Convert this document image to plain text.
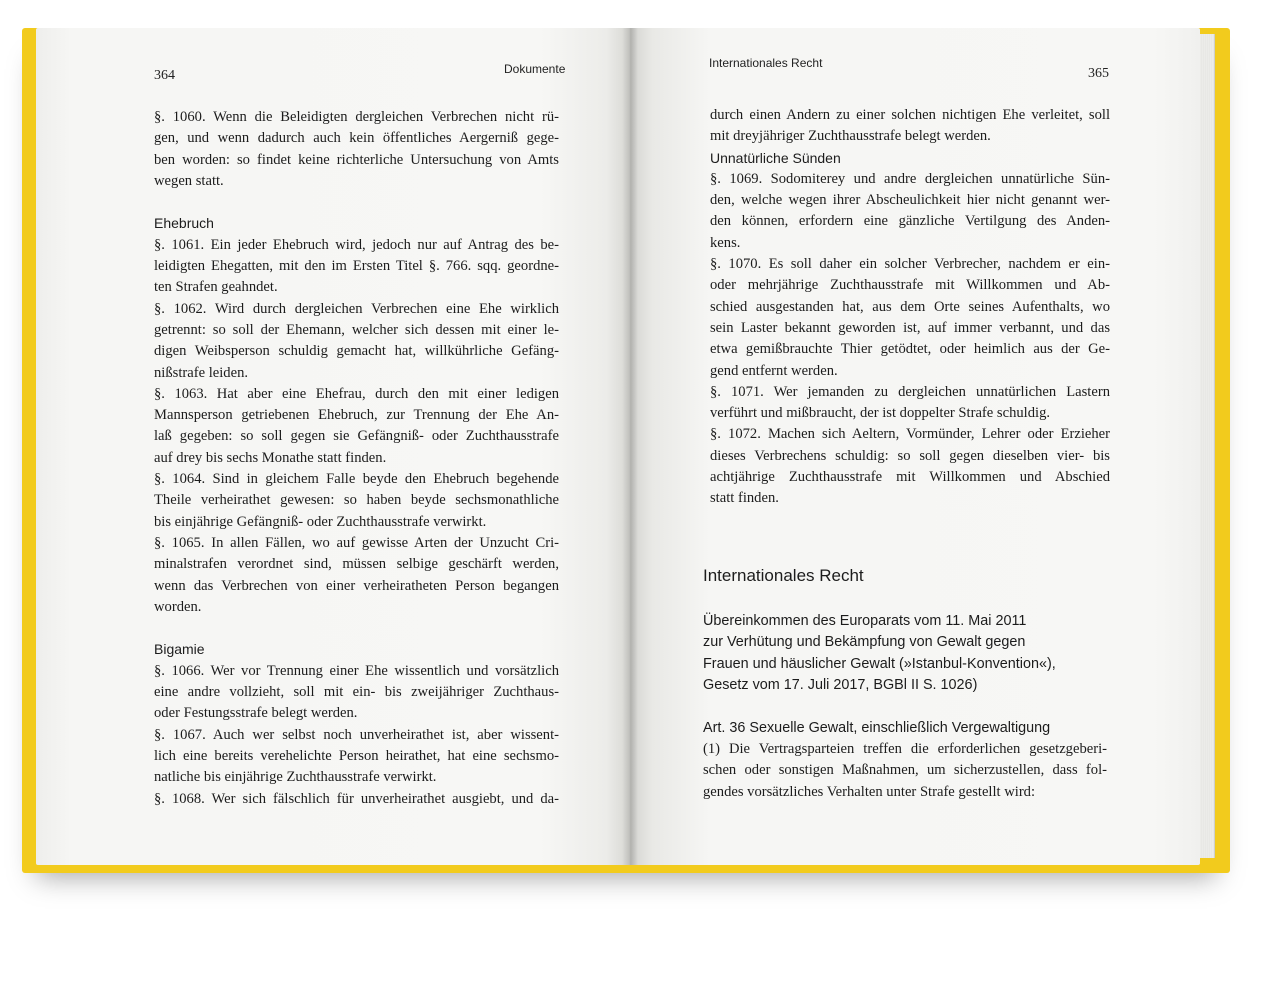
364	Dokumente
§. 1060. Wenn die Beleidigten dergleichen Verbrechen nicht rü-
gen, und wenn dadurch auch kein öffentliches Aergerniß gege-
ben worden: so findet keine richterliche Untersuchung von Amts
wegen statt.
Ehebruch
§. 1061. Ein jeder Ehebruch wird, jedoch nur auf Antrag des be-
leidigten Ehegatten, mit den im Ersten Titel §. 766. sqq. geordne-
ten Strafen geahndet.
§. 1062. Wird durch dergleichen Verbrechen eine Ehe wirklich
getrennt: so soll der Ehemann, welcher sich dessen mit einer le-
digen Weibsperson schuldig gemacht hat, willkührliche Gefäng-
nißstrafe leiden.
§. 1063. Hat aber eine Ehefrau, durch den mit einer ledigen
Mannsperson getriebenen Ehebruch, zur Trennung der Ehe An-
laß gegeben: so soll gegen sie Gefängniß- oder Zuchthausstrafe
auf drey bis sechs Monathe statt finden.
§. 1064. Sind in gleichem Falle beyde den Ehebruch begehende
Theile verheirathet gewesen: so haben beyde sechsmonathliche
bis einjährige Gefängniß- oder Zuchthausstrafe verwirkt.
§. 1065. In allen Fällen, wo auf gewisse Arten der Unzucht Cri-
minalstrafen verordnet sind, müssen selbige geschärft werden,
wenn das Verbrechen von einer verheiratheten Person begangen
worden.
Bigamie
§. 1066. Wer vor Trennung einer Ehe wissentlich und vorsätzlich
eine andre vollzieht, soll mit ein- bis zweijähriger Zuchthaus-
oder Festungsstrafe belegt werden.
§. 1067. Auch wer selbst noch unverheirathet ist, aber wissent-
lich eine bereits verehelichte Person heirathet, hat eine sechsmo-
natliche bis einjährige Zuchthausstrafe verwirkt.
§. 1068. Wer sich fälschlich für unverheirathet ausgiebt, und da-
Internationales Recht
365
durch einen Andern zu einer solchen nichtigen Ehe verleitet, soll
mit dreyjähriger Zuchthausstrafe belegt werden.
Unnatürliche Sünden
§. 1069. Sodomiterey und andre dergleichen unnatürliche Sün-
den, welche wegen ihrer Abscheulichkeit hier nicht genannt wer-
den können, erfordern eine gänzliche Vertilgung des Anden-
kens.
§. 1070. Es soll daher ein solcher Verbrecher, nachdem er ein-
oder mehrjährige Zuchthausstrafe mit Willkommen und Ab-
schied ausgestanden hat, aus dem Orte seines Aufenthalts, wo
sein Laster bekannt geworden ist, auf immer verbannt, und das
etwa gemißbrauchte Thier getödtet, oder heimlich aus der Ge-
gend entfernt werden.
§. 1071. Wer jemanden zu dergleichen unnatürlichen Lastern
verführt und mißbraucht, der ist doppelter Strafe schuldig.
§. 1072. Machen sich Aeltern, Vormünder, Lehrer oder Erzieher
dieses Verbrechens schuldig: so soll gegen dieselben vier- bis
achtjährige Zuchthausstrafe mit Willkommen und Abschied
statt finden.
Internationales Recht
Übereinkommen des Europarats vom 11. Mai 2011
zur Verhütung und Bekämpfung von Gewalt gegen
Frauen und häuslicher Gewalt (»Istanbul-Konvention«),
Gesetz vom 17. Juli 2017, BGBl II S. 1026)
Art. 36 Sexuelle Gewalt, einschließlich Vergewaltigung
(1) Die Vertragsparteien treffen die erforderlichen gesetzgeberi-
schen oder sonstigen Maßnahmen, um sicherzustellen, dass fol-
gendes vorsätzliches Verhalten unter Strafe gestellt wird:
